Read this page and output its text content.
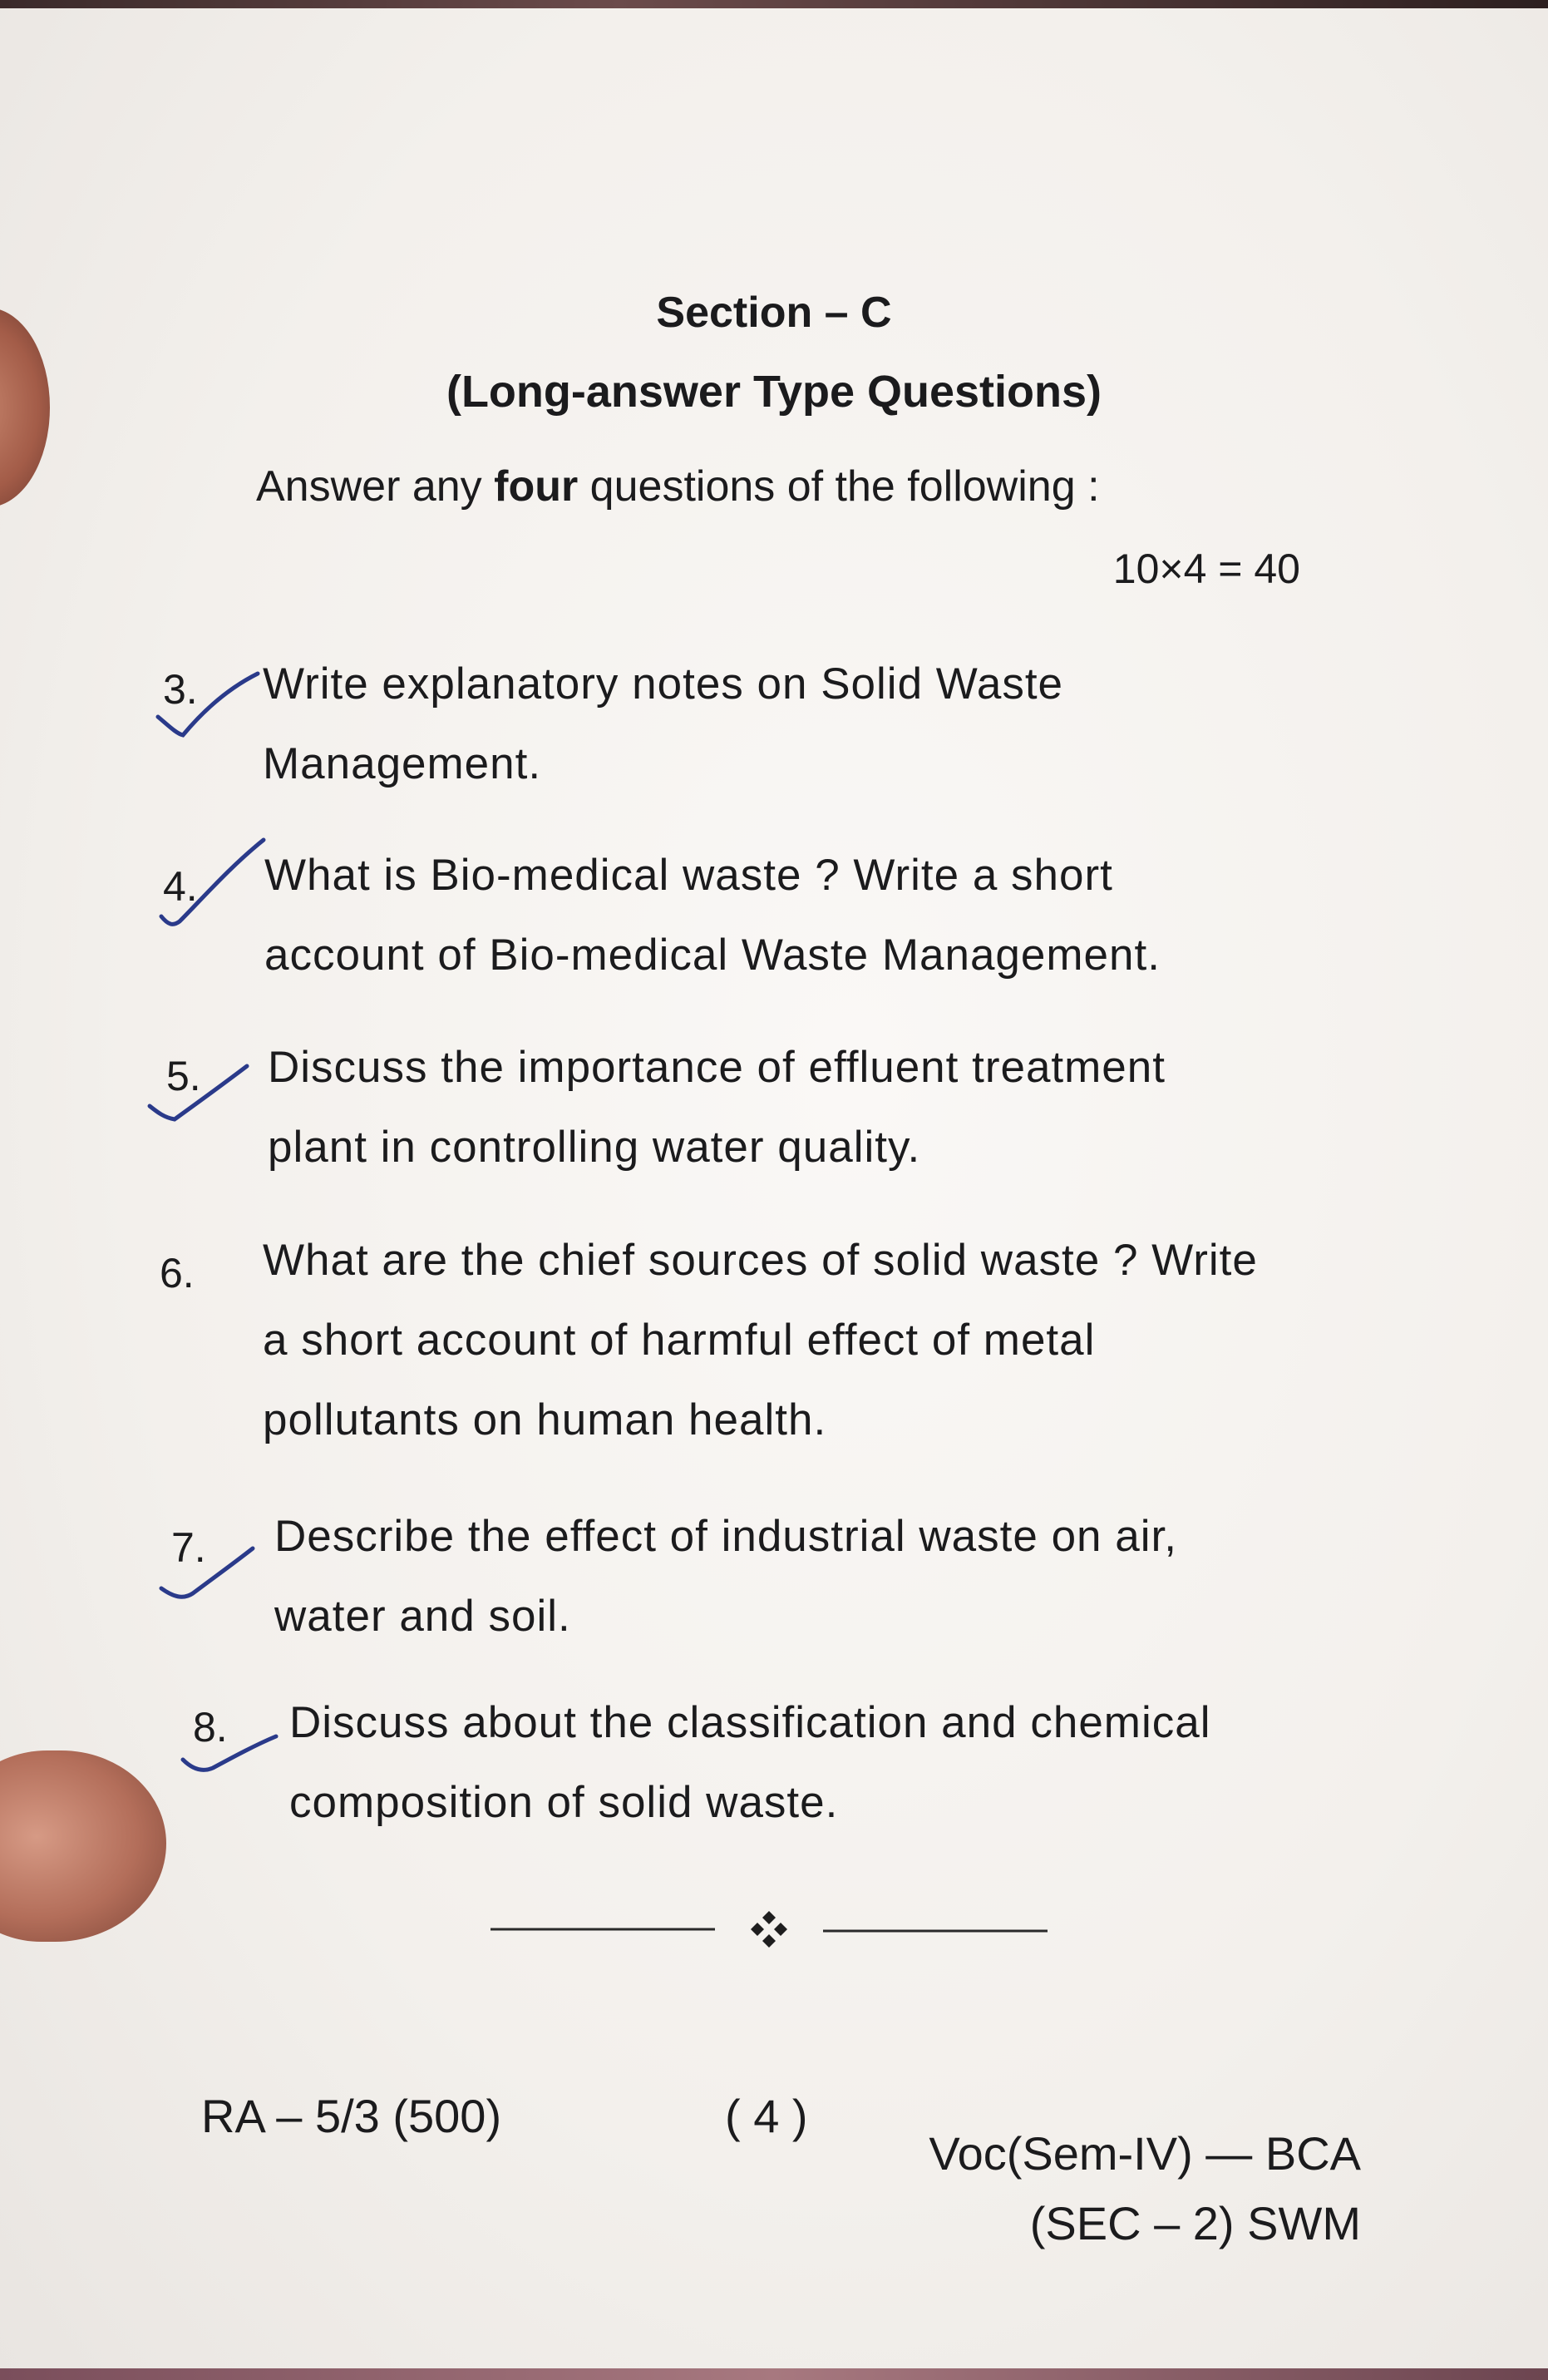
Section – C
(Long-answer Type Questions)
Answer any four questions of the following :
10×4 = 40
3. Write explanatory notes on Solid Waste
Management.
4. What is Bio-medical waste ? Write a short
account of Bio-medical Waste Management.
5. Discuss the importance of effluent treatment
plant in controlling water quality.
6. What are the chief sources of solid waste ? Write
a short account of harmful effect of metal
pollutants on human health.
7. Describe the effect of industrial waste on air,
water and soil.
8. Discuss about the classification and chemical
composition of solid waste.
RA – 5/3 (500)	( 4 )
Voc(Sem-IV) — BCA
(SEC – 2) SWM
